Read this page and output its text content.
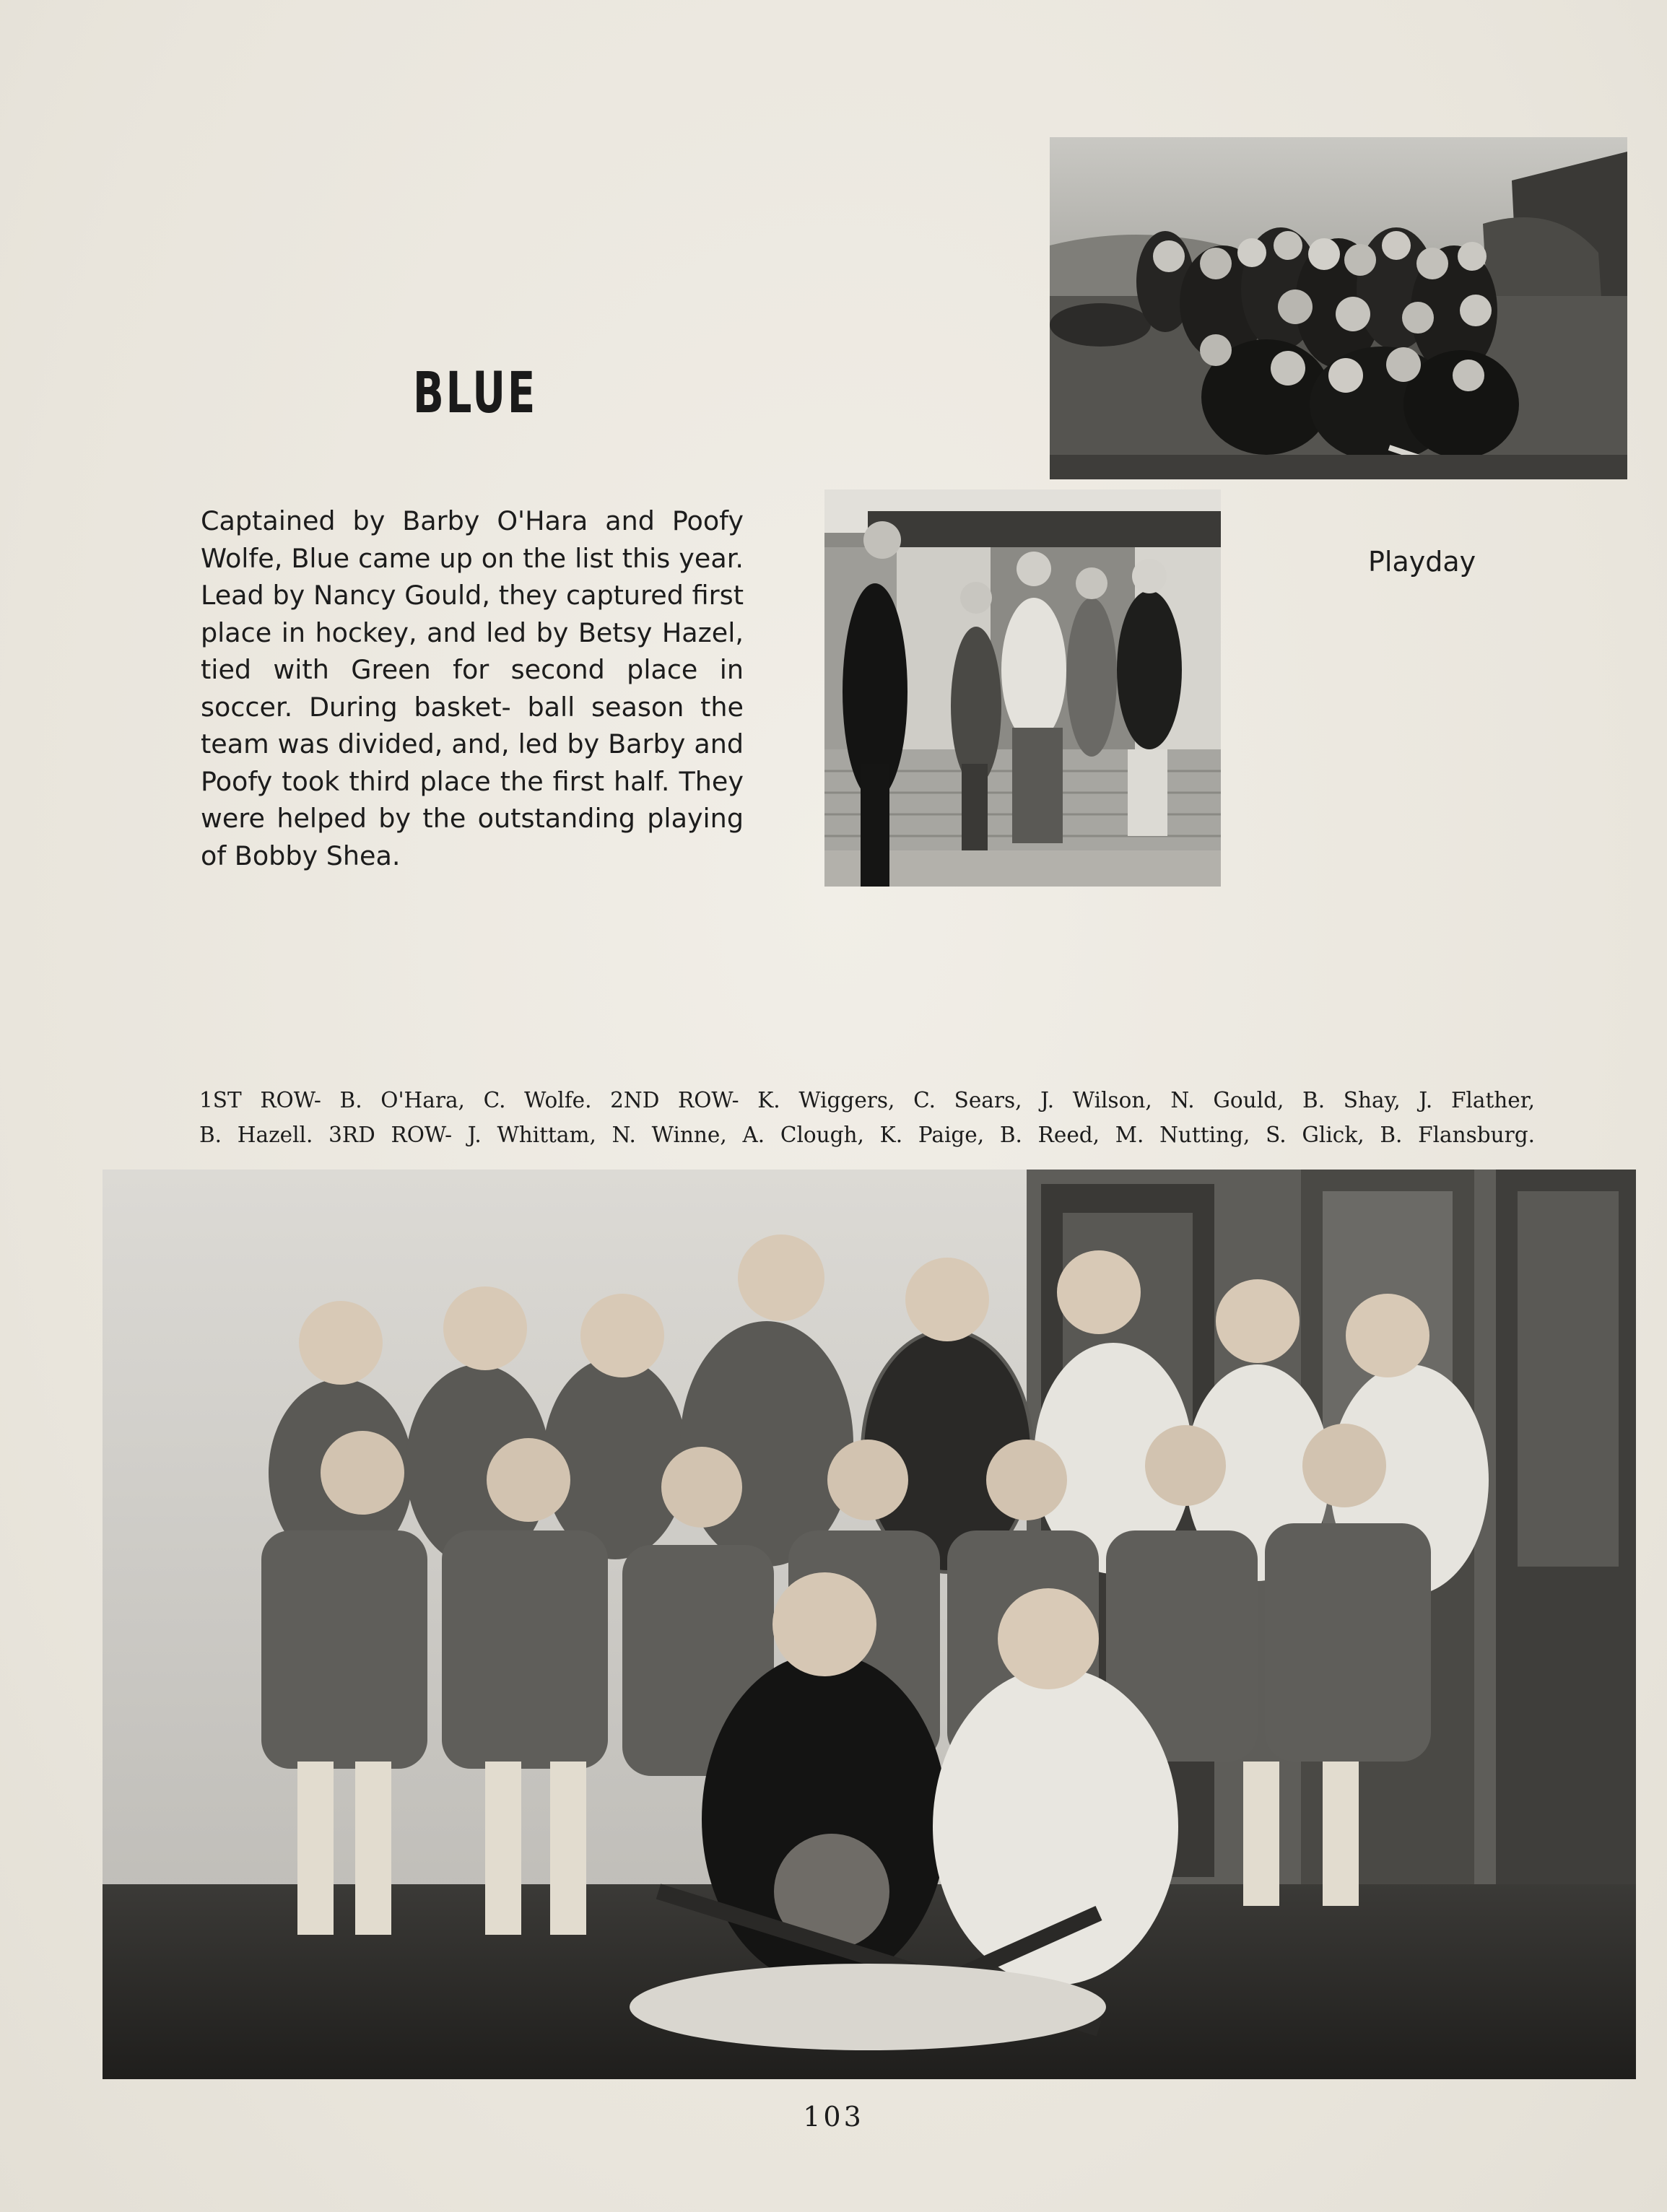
BLUE
Captained by Barby O'Hara and Poofy Wolfe, Blue came up on the list this year. Lead by Nancy Gould, they captured first place in hockey, and led by Betsy Hazel, tied with Green for second place in soccer. During basket- ball season the team was divided, and, led by Barby and Poofy took third place the first half. They were helped by the outstanding playing of Bobby Shea.

Playday

1ST ROW- B. O'Hara, C. Wolfe. 2ND ROW- K. Wiggers, C. Sears, J. Wilson, N. Gould, B. Shay, J. Flather,
B. Hazell. 3RD ROW- J. Whittam, N. Winne, A. Clough, K. Paige, B. Reed, M. Nutting, S. Glick, B. Flansburg.

103
